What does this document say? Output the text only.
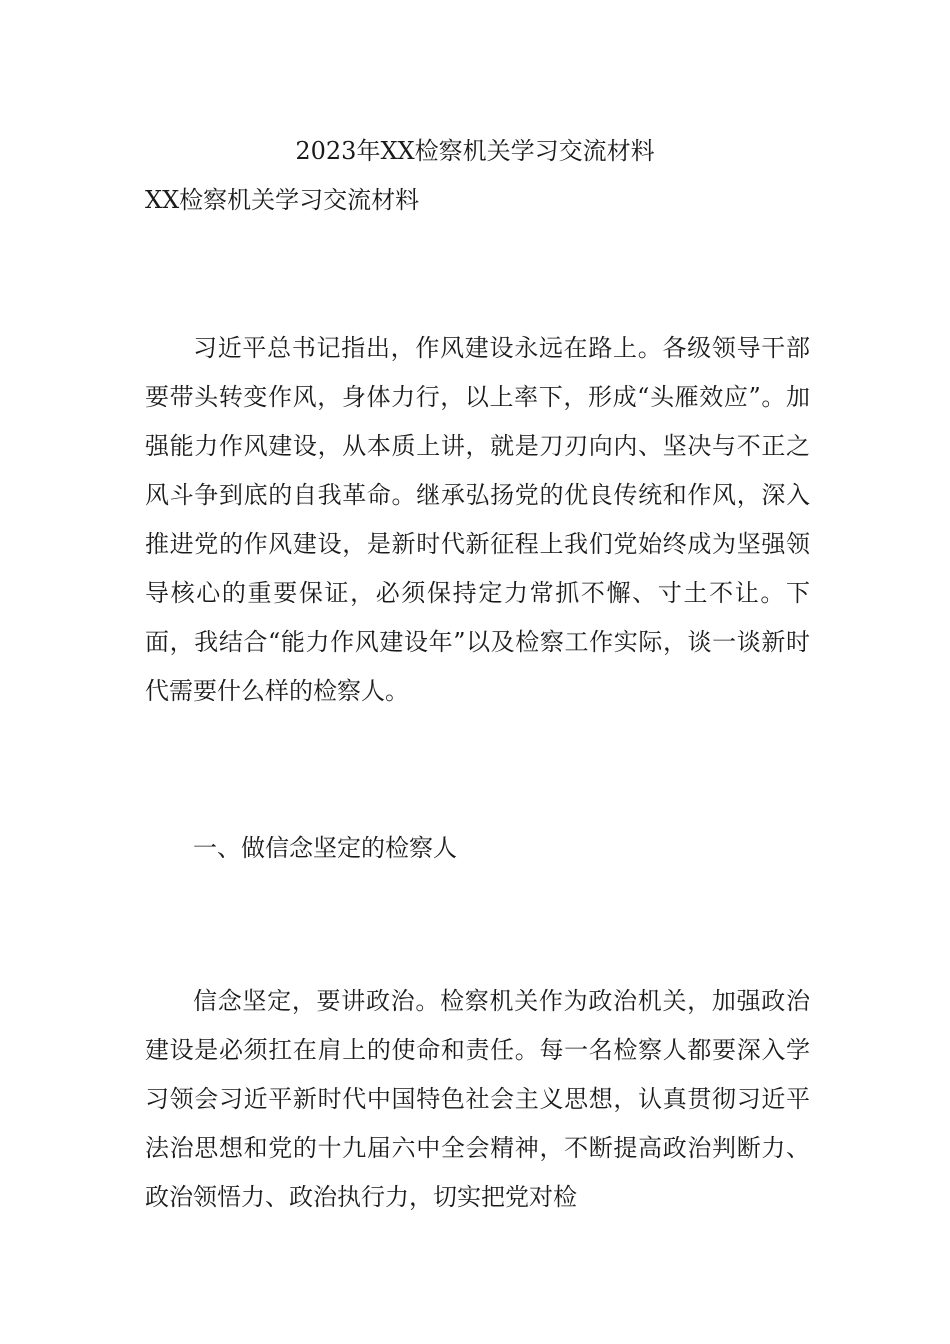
2023年XX检察机关学习交流材料
XX检察机关学习交流材料

习近平总书记指出，作风建设永远在路上。各级领导干部要带头转变作风，身体力行，以上率下，形成“头雁效应”。加强能力作风建设，从本质上讲，就是刀刃向内、坚决与不正之风斗争到底的自我革命。继承弘扬党的优良传统和作风，深入推进党的作风建设，是新时代新征程上我们党始终成为坚强领导核心的重要保证，必须保持定力常抓不懈、寸土不让。下面，我结合“能力作风建设年”以及检察工作实际，谈一谈新时代需要什么样的检察人。

一、做信念坚定的检察人

信念坚定，要讲政治。检察机关作为政治机关，加强政治建设是必须扛在肩上的使命和责任。每一名检察人都要深入学习领会习近平新时代中国特色社会主义思想，认真贯彻习近平法治思想和党的十九届六中全会精神，不断提高政治判断力、政治领悟力、政治执行力，切实把党对检
